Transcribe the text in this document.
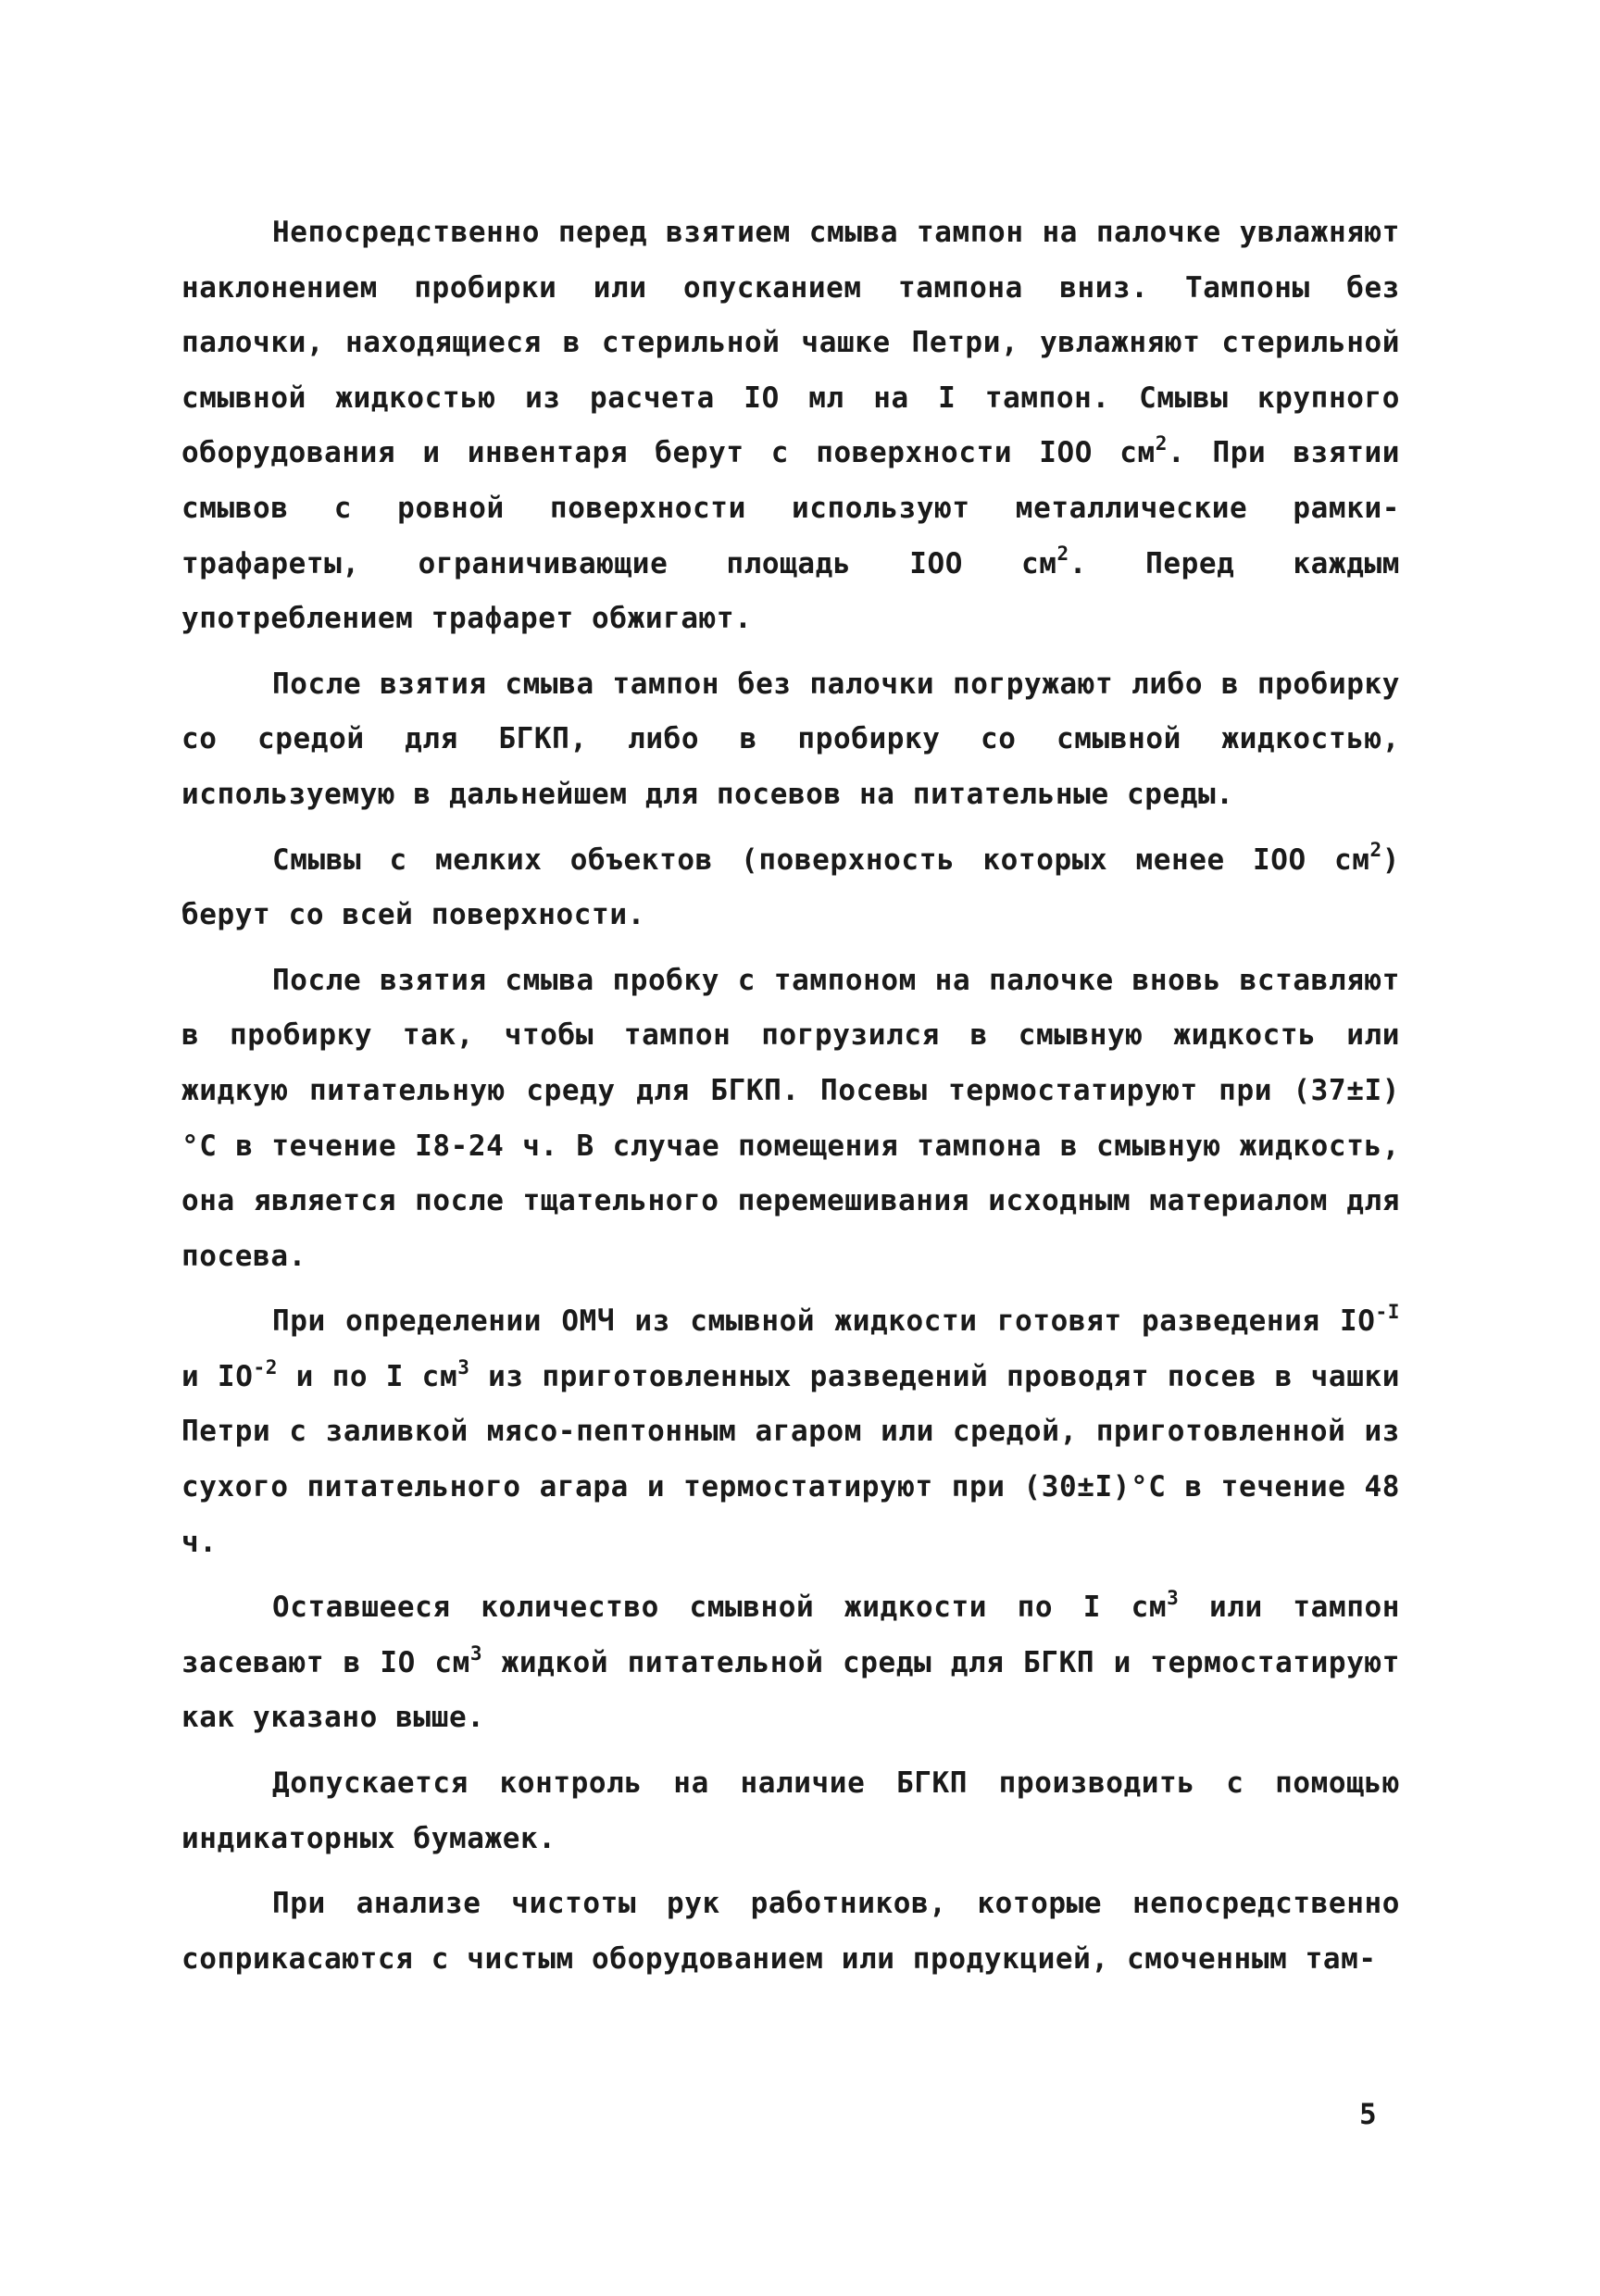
Непосредственно перед взятием смыва тампон на палочке увлажняют наклонением пробирки или опусканием тампона вниз. Тампоны без палочки, находящиеся в стерильной чашке Петри, увлажняют стерильной смывной жидкостью из расчета IO мл на I тампон. Смывы крупного оборудования и инвентаря берут с поверхности IOO $см^2$. При взятии смывов с ровной поверхности используют металлические рамки-трафареты, ограничивающие площадь IOO $см^2$. Перед каждым употреблением трафарет обжигают.

После взятия смыва тампон без палочки погружают либо в пробирку со средой для БГКП, либо в пробирку со смывной жидкостью, используемую в дальнейшем для посевов на питательные среды.

Смывы с мелких объектов (поверхность которых менее IOO $см^2$) берут со всей поверхности.

После взятия смыва пробку с тампоном на палочке вновь вставляют в пробирку так, чтобы тампон погрузился в смывную жидкость или жидкую питательную среду для БГКП. Посевы термостатируют при (37±I)°C в течение I8-24 ч. В случае помещения тампона в смывную жидкость, она является после тщательного перемешивания исходным материалом для посева.

При определении ОМЧ из смывной жидкости готовят разведения $IO^{-I}$ и $IO^{-2}$ и по I $см^3$ из приготовленных разведений проводят посев в чашки Петри с заливкой мясо-пептонным агаром или средой, приготовленной из сухого питательного агара и термостатируют при (30±I)°C в течение 48 ч.

Оставшееся количество смывной жидкости по I $см^3$ или тампон засевают в IO $см^3$ жидкой питательной среды для БГКП и термостатируют как указано выше.

Допускается контроль на наличие БГКП производить с помощью индикаторных бумажек.

При анализе чистоты рук работников, которые непосредственно соприкасаются с чистым оборудованием или продукцией, смоченным там-

5
